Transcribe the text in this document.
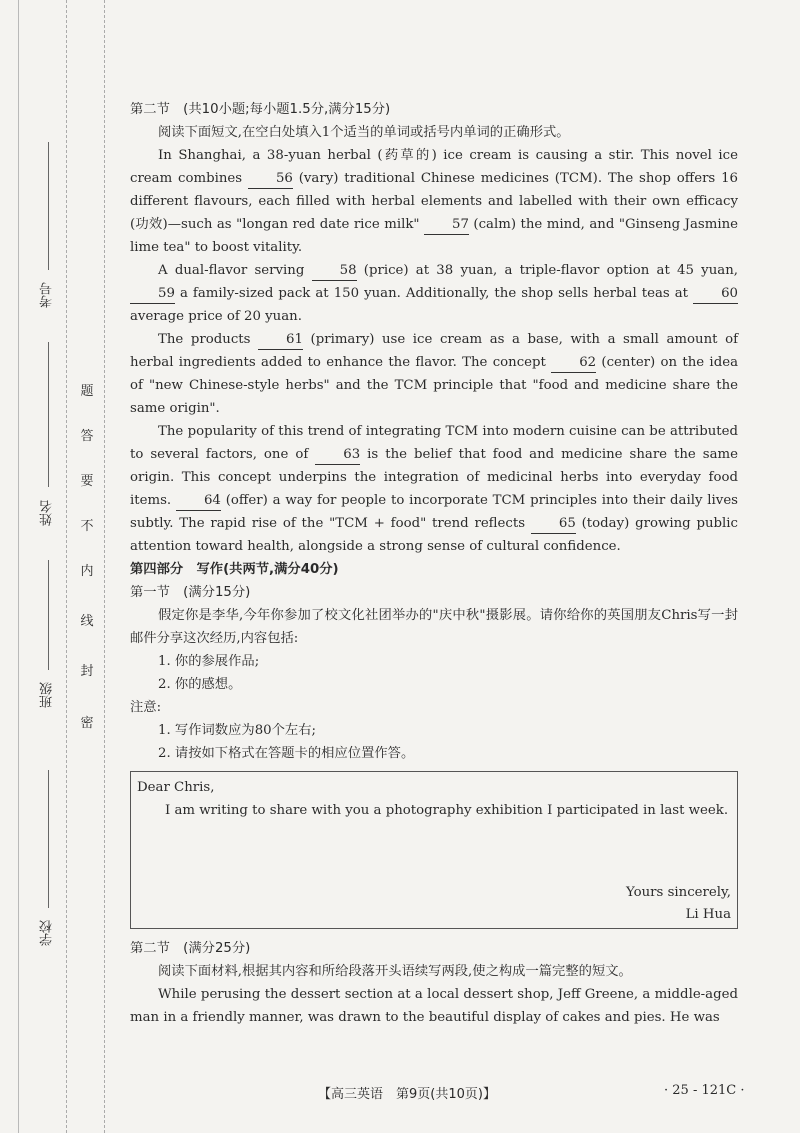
考号
姓名
班级
学校
题
答
要
不
内
线
封
密

第二节　(共10小题;每小题1.5分,满分15分)

阅读下面短文,在空白处填入1个适当的单词或括号内单词的正确形式。

In Shanghai, a 38-yuan herbal (药草的) ice cream is causing a stir. This novel ice cream combines	56 (vary) traditional Chinese medicines (TCM). The shop offers 16 different flavours, each filled with herbal elements and labelled with their own efficacy (功效)—such as "longan red date rice milk" 57 (calm) the mind, and "Ginseng Jasmine lime tea" to boost vitality.

A dual-flavor serving	58 (price) at 38 yuan, a triple-flavor option at 45 yuan, 59 a family-sized pack at 150 yuan. Additionally, the shop sells herbal teas at 60 average price of 20 yuan.

The products	61 (primary) use ice cream as a base, with a small amount of herbal ingredients added to enhance the flavor. The concept	62 (center) on the idea of "new Chinese-style herbs" and the TCM principle that "food and medicine share the same origin".

The popularity of this trend of integrating TCM into modern cuisine can be attributed to several factors, one of	63 is the belief that food and medicine share the same origin. This concept underpins the integration of medicinal herbs into everyday food items. 64 (offer) a way for people to incorporate TCM principles into their daily lives subtly. The rapid rise of the "TCM + food" trend reflects	65 (today) growing public attention toward health, alongside a strong sense of cultural confidence.

第四部分　写作(共两节,满分40分)

第一节　(满分15分)

假定你是李华,今年你参加了校文化社团举办的"庆中秋"摄影展。请你给你的英国朋友Chris写一封邮件分享这次经历,内容包括:

1. 你的参展作品;

2. 你的感想。

注意:

1. 写作词数应为80个左右;

2. 请按如下格式在答题卡的相应位置作答。

Dear Chris,
I am writing to share with you a photography exhibition I participated in last week.
Yours sincerely,
Li Hua

第二节　(满分25分)

阅读下面材料,根据其内容和所给段落开头语续写两段,使之构成一篇完整的短文。

While perusing the dessert section at a local dessert shop, Jeff Greene, a middle-aged man in a friendly manner, was drawn to the beautiful display of cakes and pies. He was

【高三英语　第9页(共10页)】	· 25 - 121C ·
